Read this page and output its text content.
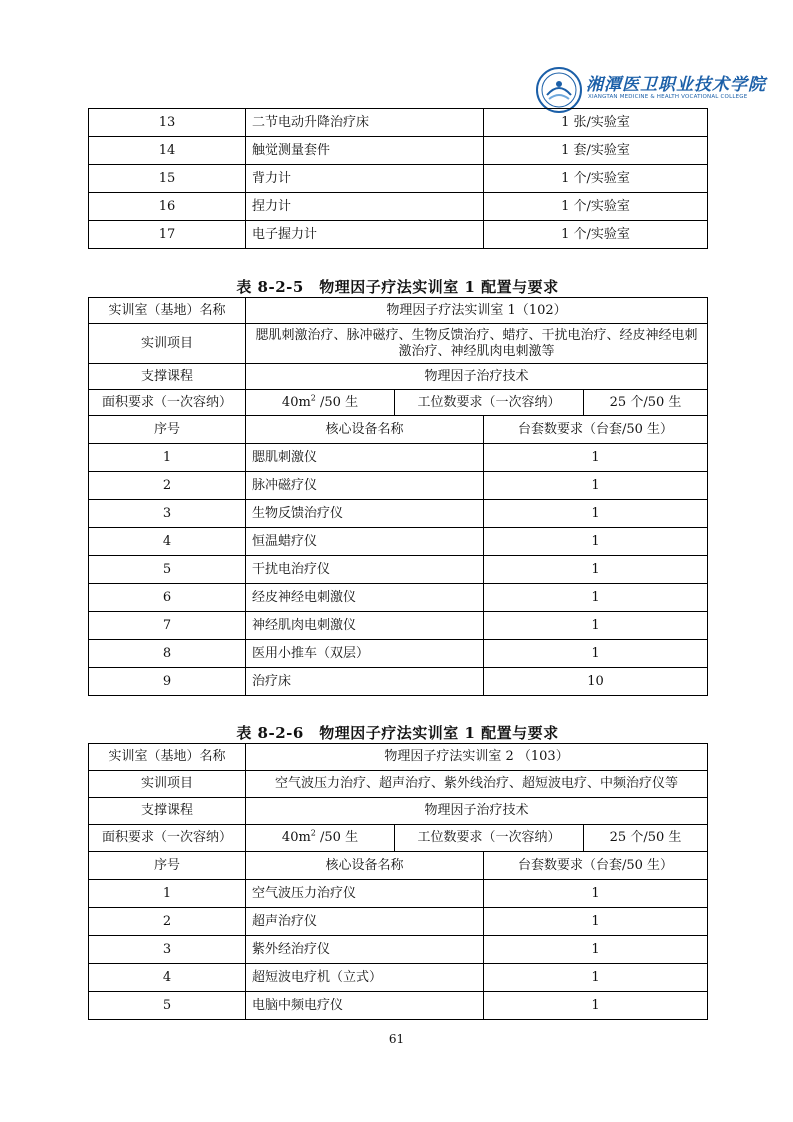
湘潭医卫职业技术学院
XIANGTAN MEDICINE & HEALTH VOCATIONAL COLLEGE
13	二节电动升降治疗床	1 张/实验室
14	触觉测量套件	1 套/实验室
15	背力计	1 个/实验室
16	捏力计	1 个/实验室
17	电子握力计	1 个/实验室
表 8-2-5　物理因子疗法实训室 1 配置与要求
实训室（基地）名称	物理因子疗法实训室 1（102）			
实训项目	腮肌刺激治疗、脉冲磁疗、生物反馈治疗、蜡疗、干扰电治疗、经皮神经电刺激治疗、神经肌肉电刺激等			
支撑课程	物理因子治疗技术			
面积要求（一次容纳）	$40m^2$ /50 生	工位数要求（一次容纳）		25 个/50 生
序号	核心设备名称		台套数要求（台套/50 生）	
1	腮肌刺激仪		1	
2	脉冲磁疗仪		1	
3	生物反馈治疗仪		1	
4	恒温蜡疗仪		1	
5	干扰电治疗仪		1	
6	经皮神经电刺激仪		1	
7	神经肌肉电刺激仪		1	
8	医用小推车（双层）		1	
9	治疗床		10	
表 8-2-6　物理因子疗法实训室 1 配置与要求
实训室（基地）名称	物理因子疗法实训室 2 （103）			
实训项目	空气波压力治疗、超声治疗、紫外线治疗、超短波电疗、中频治疗仪等			
支撑课程	物理因子治疗技术			
面积要求（一次容纳）	$40m^2$ /50 生	工位数要求（一次容纳）		25 个/50 生
序号	核心设备名称		台套数要求（台套/50 生）	
1	空气波压力治疗仪		1	
2	超声治疗仪		1	
3	紫外经治疗仪		1	
4	超短波电疗机（立式）		1	
5	电脑中频电疗仪		1	
61
